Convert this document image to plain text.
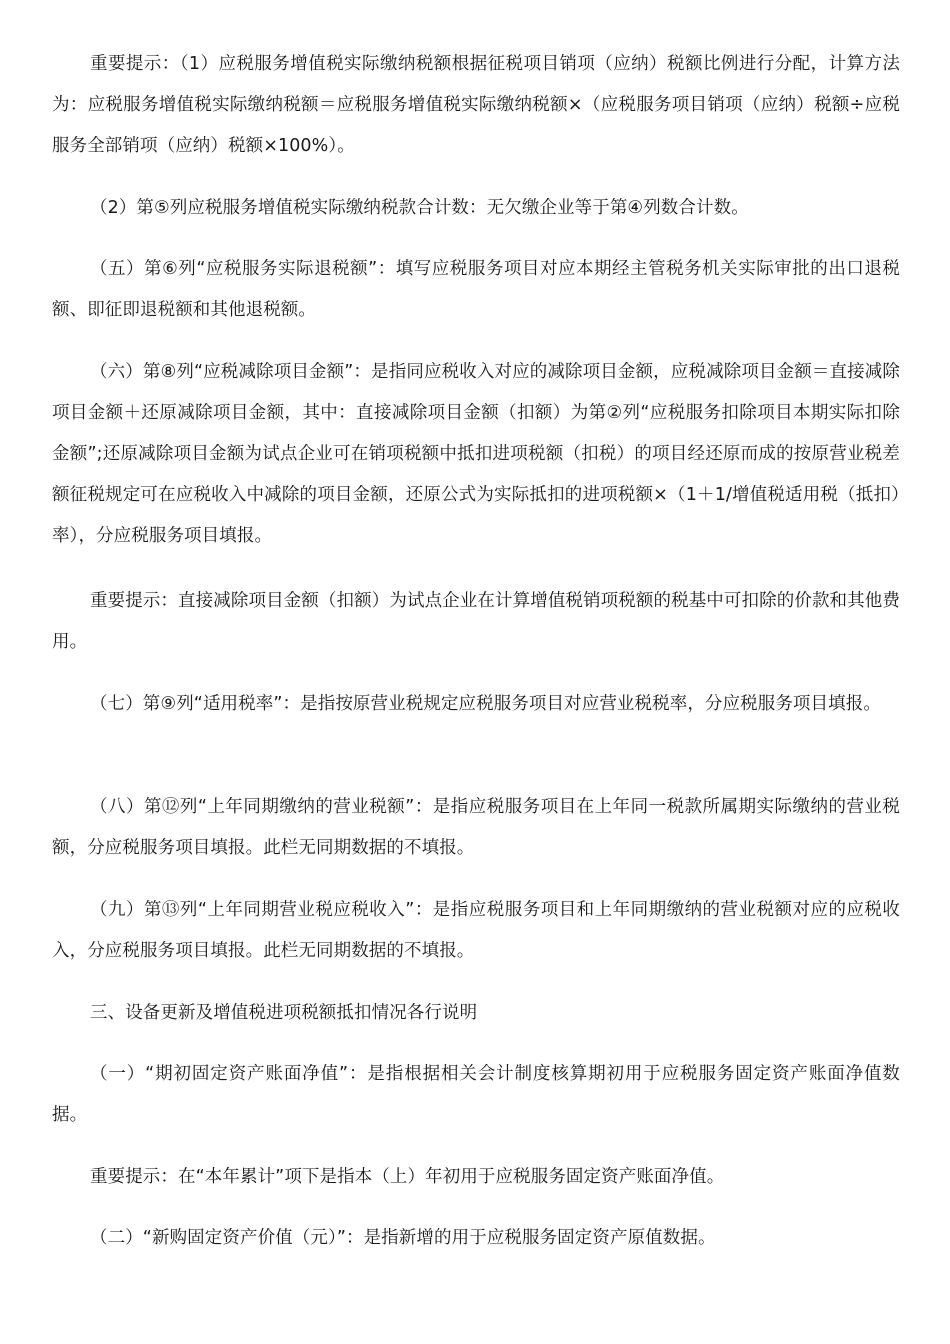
重要提示：（1）应税服务增值税实际缴纳税额根据征税项目销项（应纳）税额比例进行分配，计算方法为：应税服务增值税实际缴纳税额＝应税服务增值税实际缴纳税额×（应税服务项目销项（应纳）税额÷应税服务全部销项（应纳）税额×100%）。

（2）第⑤列应税服务增值税实际缴纳税款合计数：无欠缴企业等于第④列数合计数。

（五）第⑥列“应税服务实际退税额”：填写应税服务项目对应本期经主管税务机关实际审批的出口退税额、即征即退税额和其他退税额。

（六）第⑧列“应税减除项目金额”：是指同应税收入对应的减除项目金额，应税减除项目金额＝直接减除项目金额＋还原减除项目金额，其中：直接减除项目金额（扣额）为第②列“应税服务扣除项目本期实际扣除金额”;还原减除项目金额为试点企业可在销项税额中抵扣进项税额（扣税）的项目经还原而成的按原营业税差额征税规定可在应税收入中减除的项目金额，还原公式为实际抵扣的进项税额×（1＋1/增值税适用税（抵扣）率），分应税服务项目填报。

重要提示：直接减除项目金额（扣额）为试点企业在计算增值税销项税额的税基中可扣除的价款和其他费用。

（七）第⑨列“适用税率”：是指按原营业税规定应税服务项目对应营业税税率，分应税服务项目填报。

（八）第⑫列“上年同期缴纳的营业税额”：是指应税服务项目在上年同一税款所属期实际缴纳的营业税额，分应税服务项目填报。此栏无同期数据的不填报。

（九）第⑬列“上年同期营业税应税收入”：是指应税服务项目和上年同期缴纳的营业税额对应的应税收入，分应税服务项目填报。此栏无同期数据的不填报。

三、设备更新及增值税进项税额抵扣情况各行说明

（一）“期初固定资产账面净值”：是指根据相关会计制度核算期初用于应税服务固定资产账面净值数据。

重要提示：在“本年累计”项下是指本（上）年初用于应税服务固定资产账面净值。

（二）“新购固定资产价值（元）”：是指新增的用于应税服务固定资产原值数据。
